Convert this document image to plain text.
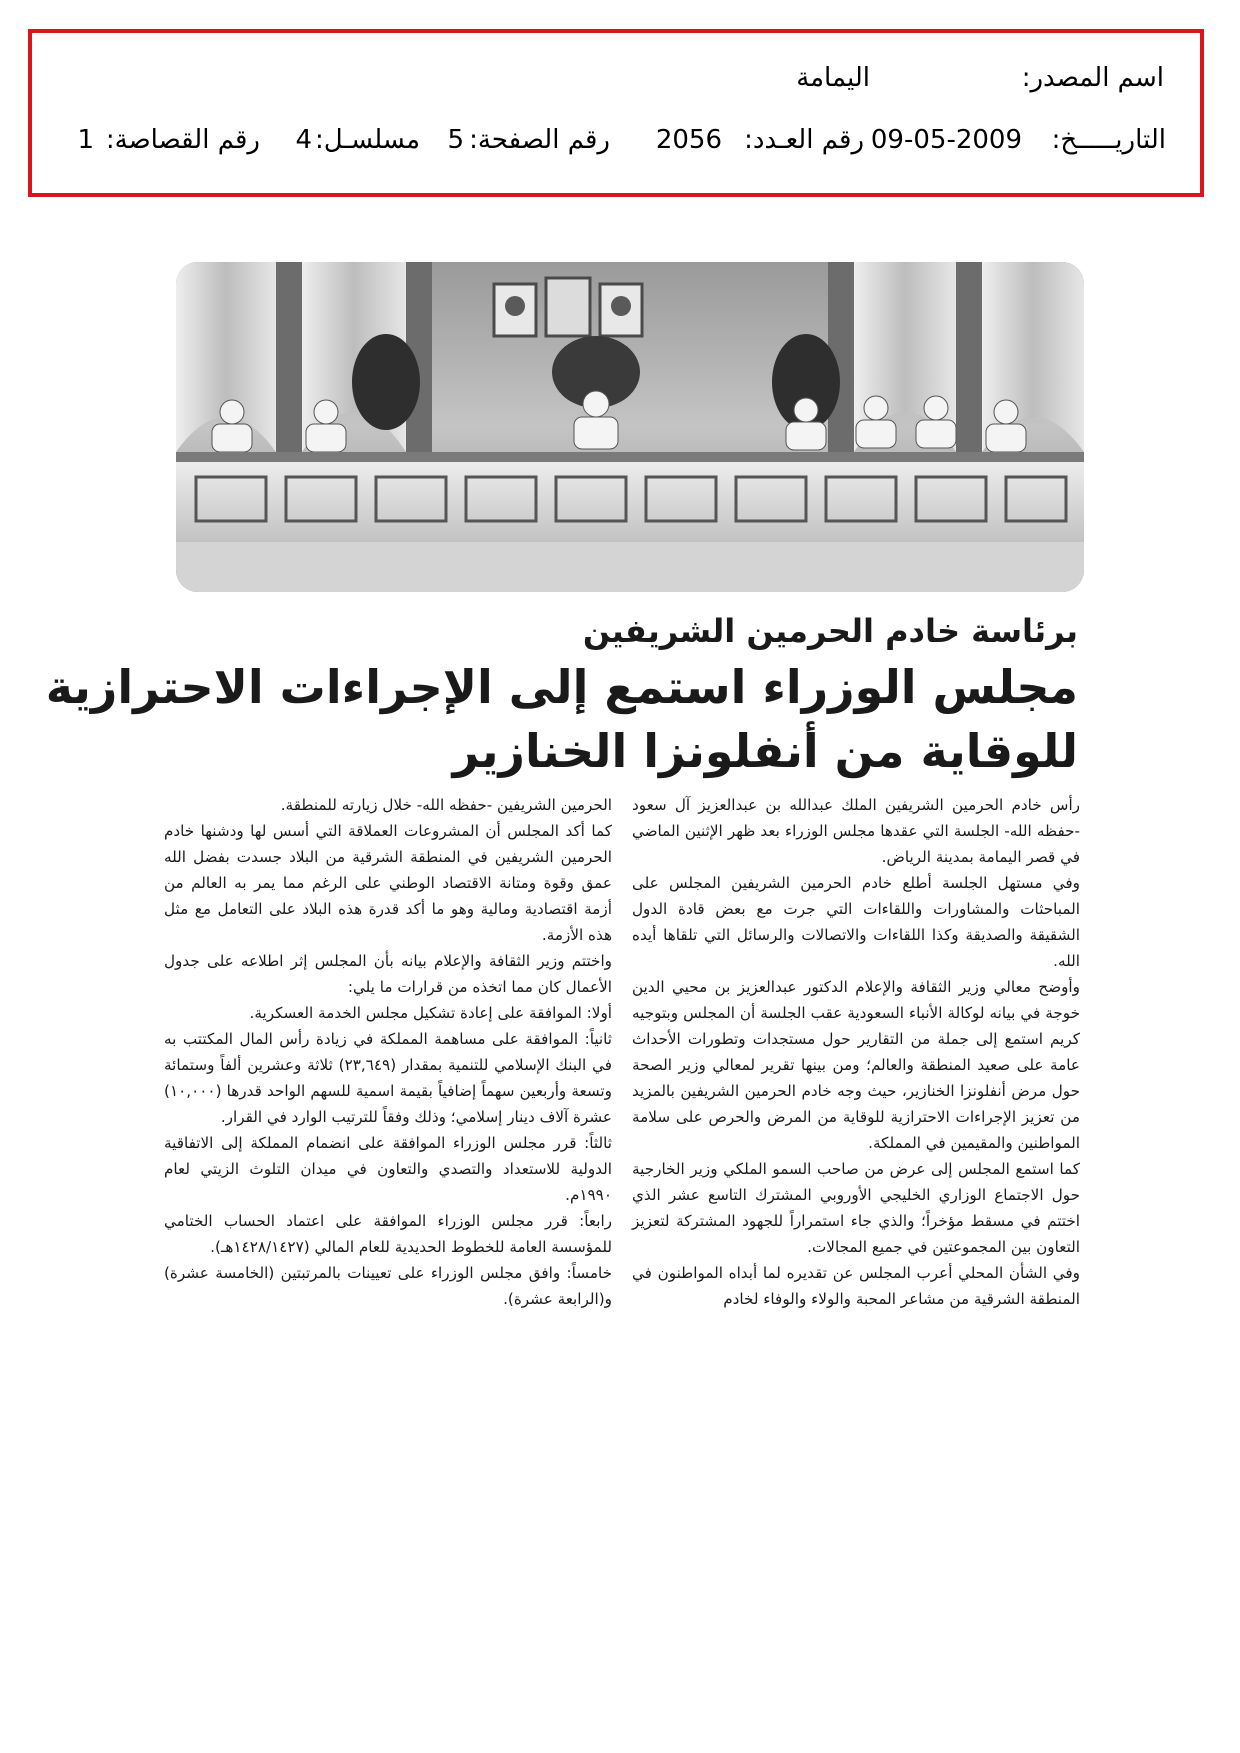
اسم المصدر:
اليمامة
التاريـــــخ:
09-05-2009
رقم العـدد:
2056
رقم الصفحة:
5
مسلسـل:
4
رقم القصاصة:
1
برئاسة خادم الحرمين الشريفين
مجلس الوزراء استمع إلى الإجراءات الاحترازية
للوقاية من أنفلونزا الخنازير

رأس خادم الحرمين الشريفين الملك عبدالله بن عبدالعزيز آل سعود -حفظه الله- الجلسة التي عقدها مجلس الوزراء بعد ظهر الإثنين الماضي في قصر اليمامة بمدينة الرياض.

وفي مستهل الجلسة أطلع خادم الحرمين الشريفين المجلس على المباحثات والمشاورات واللقاءات التي جرت مع بعض قادة الدول الشقيقة والصديقة وكذا اللقاءات والاتصالات والرسائل التي تلقاها أيده الله.

وأوضح معالي وزير الثقافة والإعلام الدكتور عبدالعزيز بن محيي الدين خوجة في بيانه لوكالة الأنباء السعودية عقب الجلسة أن المجلس وبتوجيه كريم استمع إلى جملة من التقارير حول مستجدات وتطورات الأحداث عامة على صعيد المنطقة والعالم؛ ومن بينها تقرير لمعالي وزير الصحة حول مرض أنفلونزا الخنازير، حيث وجه خادم الحرمين الشريفين بالمزيد من تعزيز الإجراءات الاحترازية للوقاية من المرض والحرص على سلامة المواطنين والمقيمين في المملكة.

كما استمع المجلس إلى عرض من صاحب السمو الملكي وزير الخارجية حول الاجتماع الوزاري الخليجي الأوروبي المشترك التاسع عشر الذي اختتم في مسقط مؤخراً؛ والذي جاء استمراراً للجهود المشتركة لتعزيز التعاون بين المجموعتين في جميع المجالات.

وفي الشأن المحلي أعرب المجلس عن تقديره لما أبداه المواطنون في المنطقة الشرقية من مشاعر المحبة والولاء والوفاء لخادم

الحرمين الشريفين -حفظه الله- خلال زيارته للمنطقة.

كما أكد المجلس أن المشروعات العملاقة التي أسس لها ودشنها خادم الحرمين الشريفين في المنطقة الشرقية من البلاد جسدت بفضل الله عمق وقوة ومتانة الاقتصاد الوطني على الرغم مما يمر به العالم من أزمة اقتصادية ومالية وهو ما أكد قدرة هذه البلاد على التعامل مع مثل هذه الأزمة.

واختتم وزير الثقافة والإعلام بيانه بأن المجلس إثر اطلاعه على جدول الأعمال كان مما اتخذه من قرارات ما يلي:

أولا: الموافقة على إعادة تشكيل مجلس الخدمة العسكرية.

ثانياً: الموافقة على مساهمة المملكة في زيادة رأس المال المكتتب به في البنك الإسلامي للتنمية بمقدار (٢٣,٦٤٩) ثلاثة وعشرين ألفاً وستمائة وتسعة وأربعين سهماً إضافياً بقيمة اسمية للسهم الواحد قدرها (١٠,٠٠٠) عشرة آلاف دينار إسلامي؛ وذلك وفقاً للترتيب الوارد في القرار.

ثالثاً: قرر مجلس الوزراء الموافقة على انضمام المملكة إلى الاتفاقية الدولية للاستعداد والتصدي والتعاون في ميدان التلوث الزيتي لعام ١٩٩٠م.

رابعاً: قرر مجلس الوزراء الموافقة على اعتماد الحساب الختامي للمؤسسة العامة للخطوط الحديدية للعام المالي (١٤٢٨/١٤٢٧هـ).

خامساً: وافق مجلس الوزراء على تعيينات بالمرتبتين (الخامسة عشرة) و(الرابعة عشرة).
